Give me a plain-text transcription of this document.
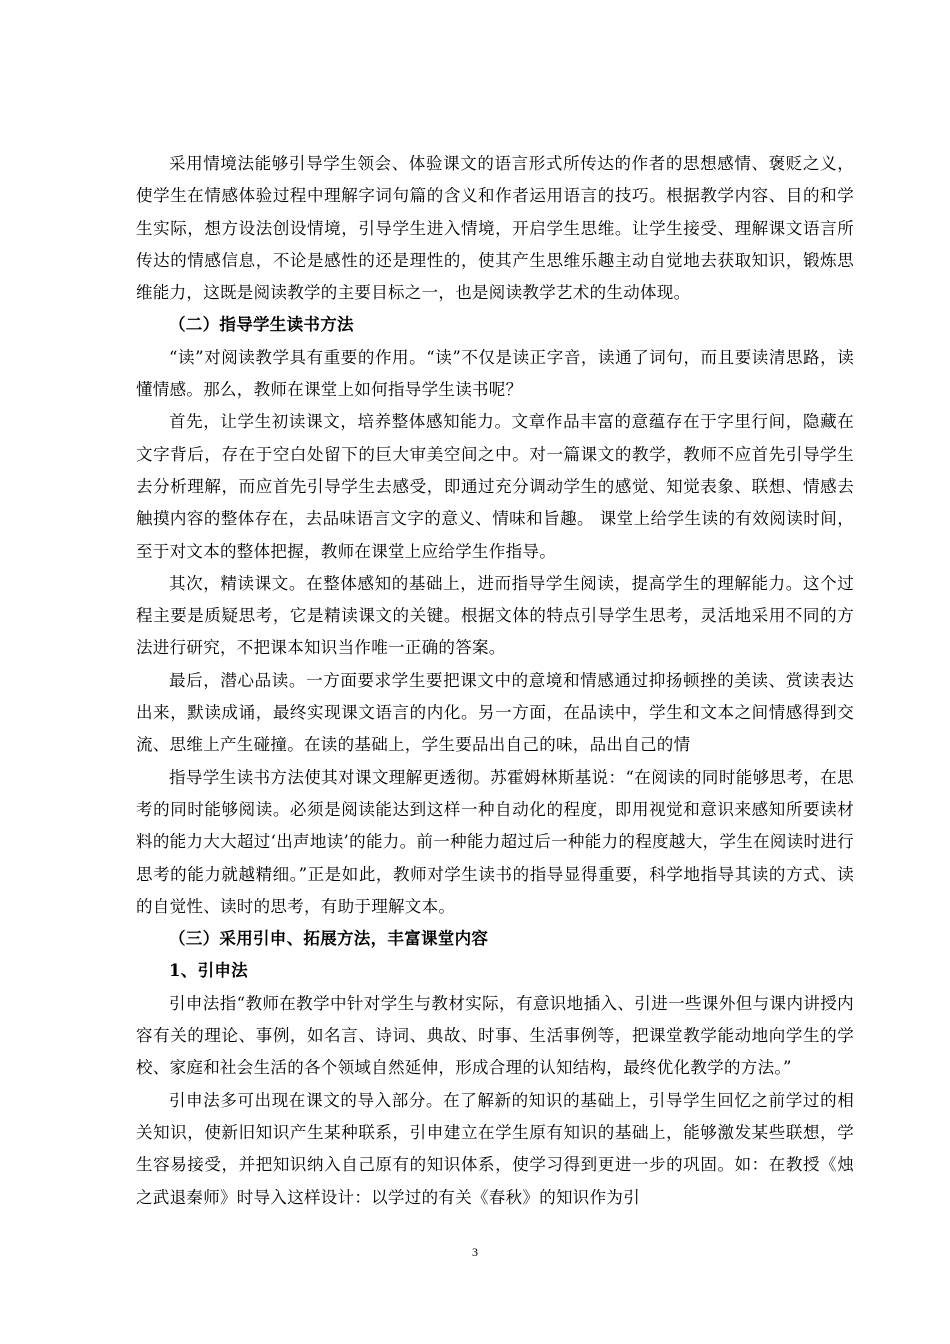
采用情境法能够引导学生领会、体验课文的语言形式所传达的作者的思想感情、褒贬之义，使学生在情感体验过程中理解字词句篇的含义和作者运用语言的技巧。根据教学内容、目的和学生实际，想方设法创设情境，引导学生进入情境，开启学生思维。让学生接受、理解课文语言所传达的情感信息，不论是感性的还是理性的，使其产生思维乐趣主动自觉地去获取知识，锻炼思维能力，这既是阅读教学的主要目标之一，也是阅读教学艺术的生动体现。

（二）指导学生读书方法

“读”对阅读教学具有重要的作用。“读”不仅是读正字音，读通了词句，而且要读清思路，读懂情感。那么，教师在课堂上如何指导学生读书呢？

首先，让学生初读课文，培养整体感知能力。文章作品丰富的意蕴存在于字里行间，隐藏在文字背后，存在于空白处留下的巨大审美空间之中。对一篇课文的教学，教师不应首先引导学生去分析理解，而应首先引导学生去感受，即通过充分调动学生的感觉、知觉表象、联想、情感去触摸内容的整体存在，去品味语言文字的意义、情味和旨趣。 课堂上给学生读的有效阅读时间， 至于对文本的整体把握，教师在课堂上应给学生作指导。

其次，精读课文。在整体感知的基础上，进而指导学生阅读，提高学生的理解能力。这个过程主要是质疑思考，它是精读课文的关键。根据文体的特点引导学生思考，灵活地采用不同的方法进行研究，不把课本知识当作唯一正确的答案。

最后，潜心品读。一方面要求学生要把课文中的意境和情感通过抑扬顿挫的美读、赏读表达出来，默读成诵，最终实现课文语言的内化。另一方面，在品读中，学生和文本之间情感得到交流、思维上产生碰撞。在读的基础上，学生要品出自己的味，品出自己的情

指导学生读书方法使其对课文理解更透彻。苏霍姆林斯基说：“在阅读的同时能够思考，在思考的同时能够阅读。必须是阅读能达到这样一种自动化的程度，即用视觉和意识来感知所要读材料的能力大大超过‘出声地读’的能力。前一种能力超过后一种能力的程度越大，学生在阅读时进行思考的能力就越精细。”正是如此，教师对学生读书的指导显得重要，科学地指导其读的方式、读的自觉性、读时的思考，有助于理解文本。

（三）采用引申、拓展方法，丰富课堂内容

1、引申法

引申法指“教师在教学中针对学生与教材实际，有意识地插入、引进一些课外但与课内讲授内容有关的理论、事例，如名言、诗词、典故、时事、生活事例等，把课堂教学能动地向学生的学校、家庭和社会生活的各个领域自然延伸，形成合理的认知结构，最终优化教学的方法。”

引申法多可出现在课文的导入部分。在了解新的知识的基础上，引导学生回忆之前学过的相关知识，使新旧知识产生某种联系，引申建立在学生原有知识的基础上，能够激发某些联想，学生容易接受，并把知识纳入自己原有的知识体系，使学习得到更进一步的巩固。如：在教授《烛之武退秦师》时导入这样设计：以学过的有关《春秋》的知识作为引

3
